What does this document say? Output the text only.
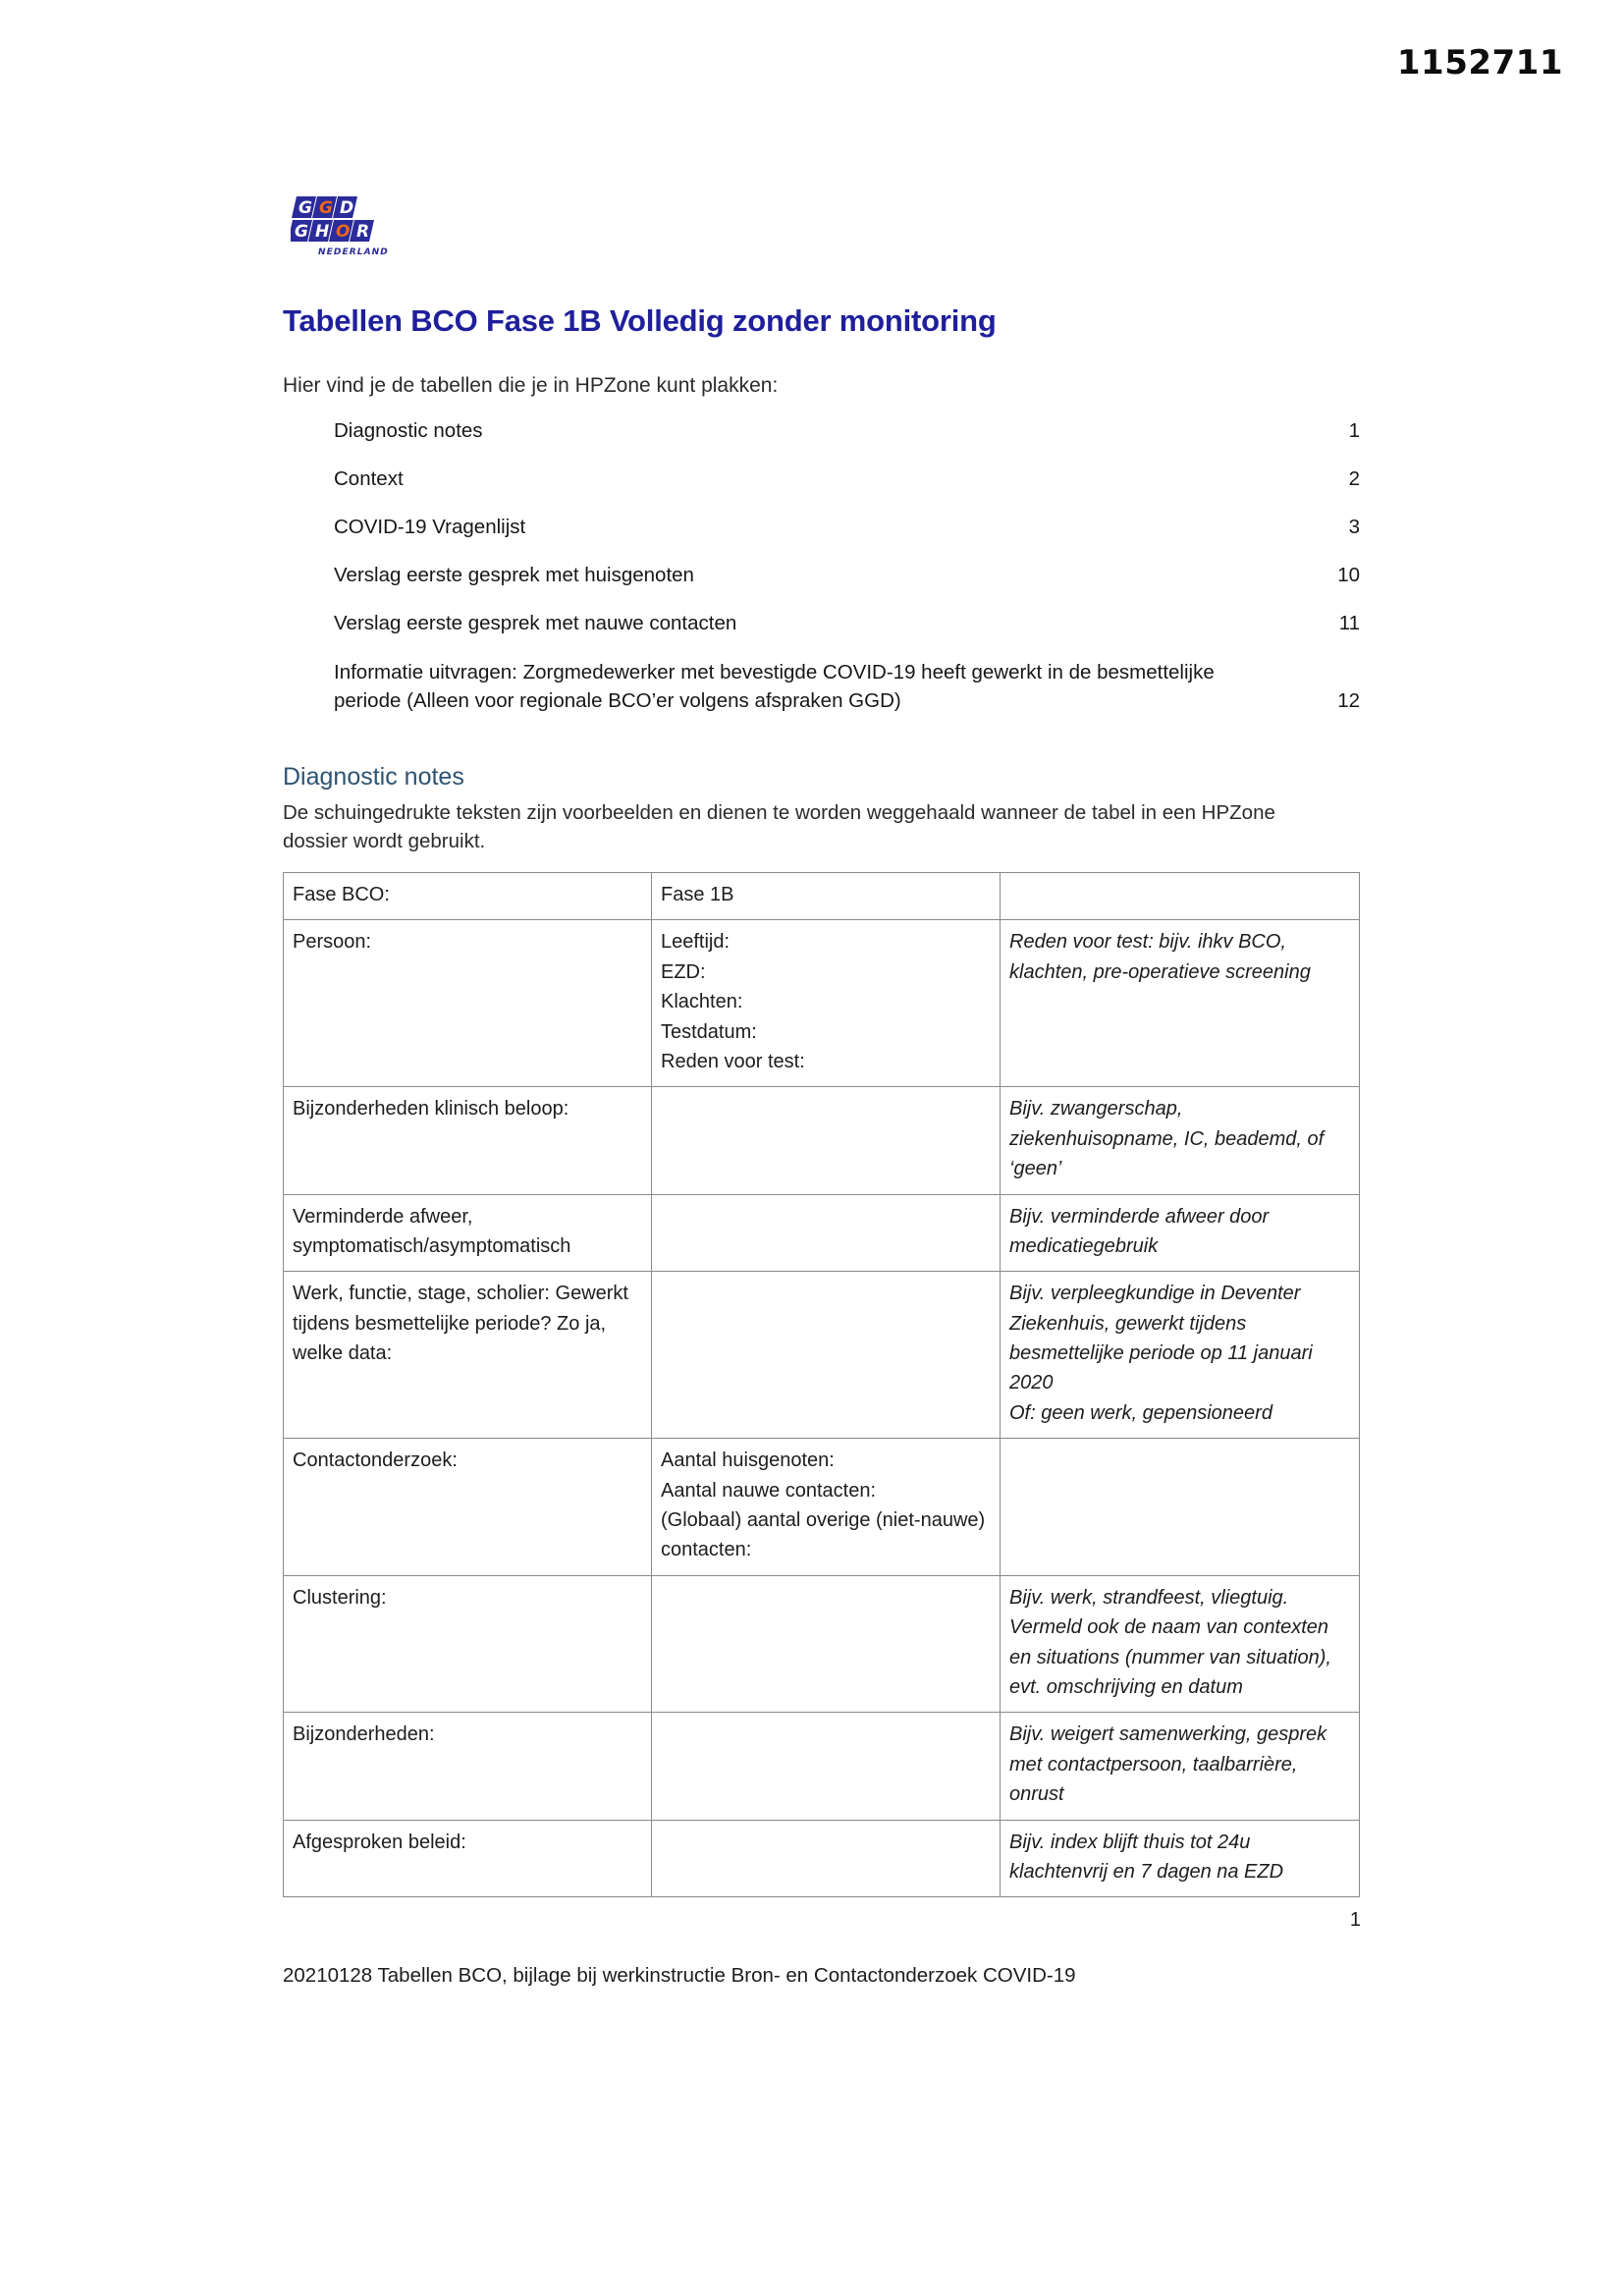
1152711
G G D
G H O R
NEDERLAND
Tabellen BCO Fase 1B Volledig zonder monitoring

Hier vind je de tabellen die je in HPZone kunt plakken:

Diagnostic notes	1
Context	2
COVID-19 Vragenlijst	3
Verslag eerste gesprek met huisgenoten	10
Verslag eerste gesprek met nauwe contacten	11
Informatie uitvragen: Zorgmedewerker met bevestigde COVID-19 heeft gewerkt in de besmettelijke periode (Alleen voor regionale BCO’er volgens afspraken GGD)	12
Diagnostic notes

De schuingedrukte teksten zijn voorbeelden en dienen te worden weggehaald wanneer de tabel in een HPZone dossier wordt gebruikt.

Fase BCO:	Fase 1B	

Persoon:	Leeftijd:
EZD:
Klachten:
Testdatum:
Reden voor test:	Reden voor test: bijv. ihkv BCO, klachten, pre-operatieve screening

Bijzonderheden klinisch beloop:		Bijv. zwangerschap, ziekenhuisopname, IC, beademd, of ‘geen’

Verminderde afweer, symptomatisch/asymptomatisch		Bijv. verminderde afweer door medicatiegebruik

Werk, functie, stage, scholier: Gewerkt tijdens besmettelijke periode? Zo ja, welke data:		Bijv. verpleegkundige in Deventer Ziekenhuis, gewerkt tijdens besmettelijke periode op 11 januari 2020
Of: geen werk, gepensioneerd

Contactonderzoek:	Aantal huisgenoten:
Aantal nauwe contacten:
(Globaal) aantal overige (niet-nauwe) contacten:	

Clustering:		Bijv. werk, strandfeest, vliegtuig. Vermeld ook de naam van contexten en situations (nummer van situation), evt. omschrijving en datum

Bijzonderheden:		Bijv. weigert samenwerking, gesprek met contactpersoon, taalbarrière, onrust

Afgesproken beleid:		Bijv. index blijft thuis tot 24u klachtenvrij en 7 dagen na EZD
1
20210128 Tabellen BCO, bijlage bij werkinstructie Bron- en Contactonderzoek COVID-19
